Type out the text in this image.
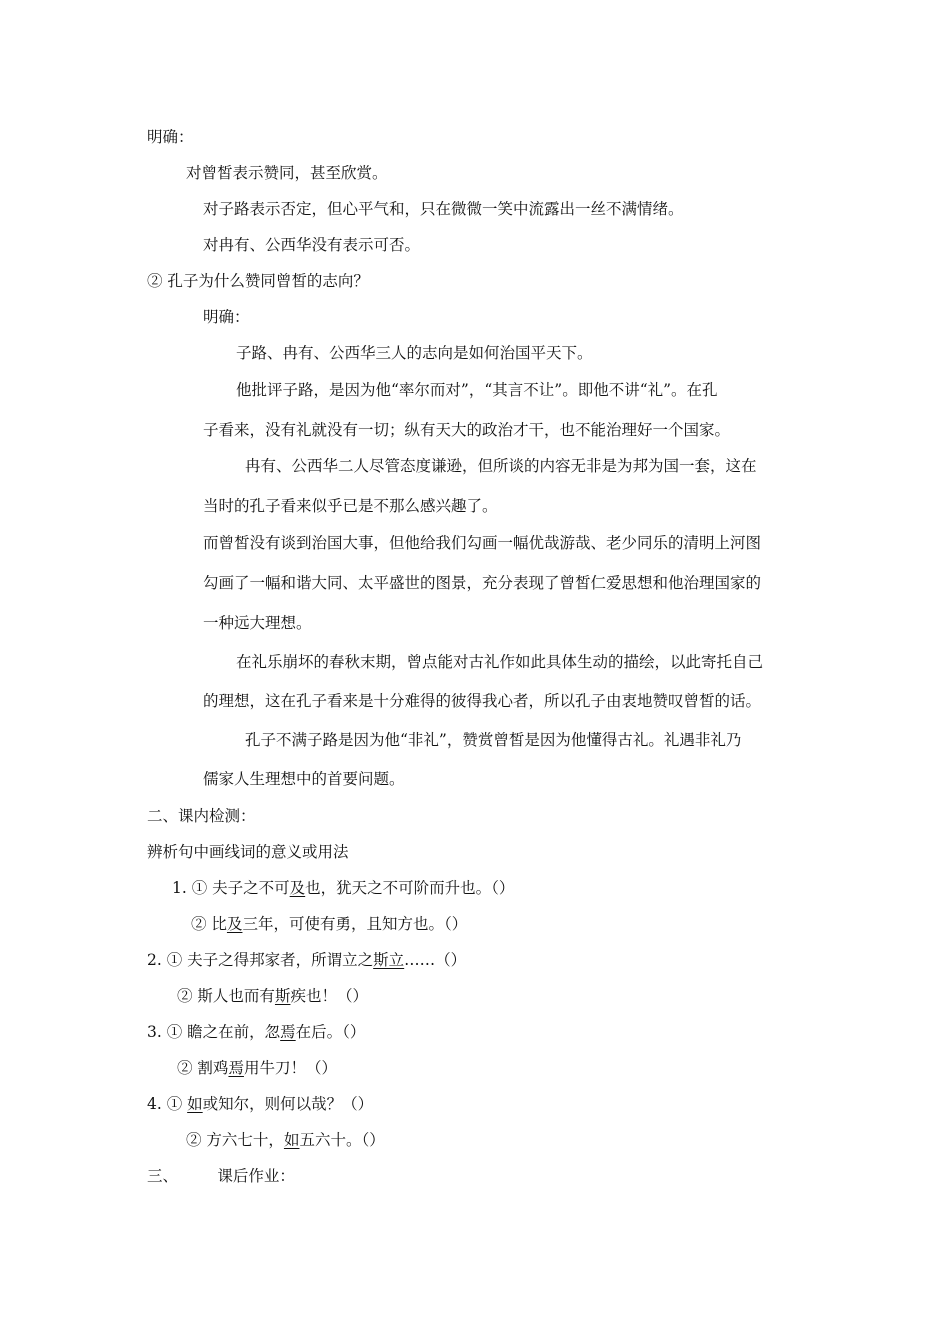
明确：
对曾皙表示赞同，甚至欣赏。
对子路表示否定，但心平气和，只在微微一笑中流露出一丝不满情绪。
对冉有、公西华没有表示可否。
② 孔子为什么赞同曾皙的志向？
明确：
子路、冉有、公西华三人的志向是如何治国平天下。
他批评子路，是因为他“率尔而对”，“其言不让”。即他不讲“礼”。在孔
子看来，没有礼就没有一切；纵有天大的政治才干，也不能治理好一个国家。
冉有、公西华二人尽管态度谦逊，但所谈的内容无非是为邦为国一套，这在
当时的孔子看来似乎已是不那么感兴趣了。
而曾皙没有谈到治国大事，但他给我们勾画一幅优哉游哉、老少同乐的清明上河图
勾画了一幅和谐大同、太平盛世的图景，充分表现了曾皙仁爱思想和他治理国家的
一种远大理想。
在礼乐崩坏的春秋末期，曾点能对古礼作如此具体生动的描绘，以此寄托自己
的理想，这在孔子看来是十分难得的彼得我心者，所以孔子由衷地赞叹曾皙的话。
孔子不满子路是因为他“非礼”，赞赏曾皙是因为他懂得古礼。礼遇非礼乃
儒家人生理想中的首要问题。
二、课内检测：
辨析句中画线词的意义或用法
1. ① 夫子之不可及也，犹天之不可阶而升也。（）
② 比及三年，可使有勇，且知方也。（）
2. ① 夫子之得邦家者，所谓立之斯立……（）
② 斯人也而有斯疾也！（）
3. ① 瞻之在前，忽焉在后。（）
② 割鸡焉用牛刀！（）
4. ① 如或知尔，则何以哉？（）
② 方六七十，如五六十。（）
三、        课后作业：
